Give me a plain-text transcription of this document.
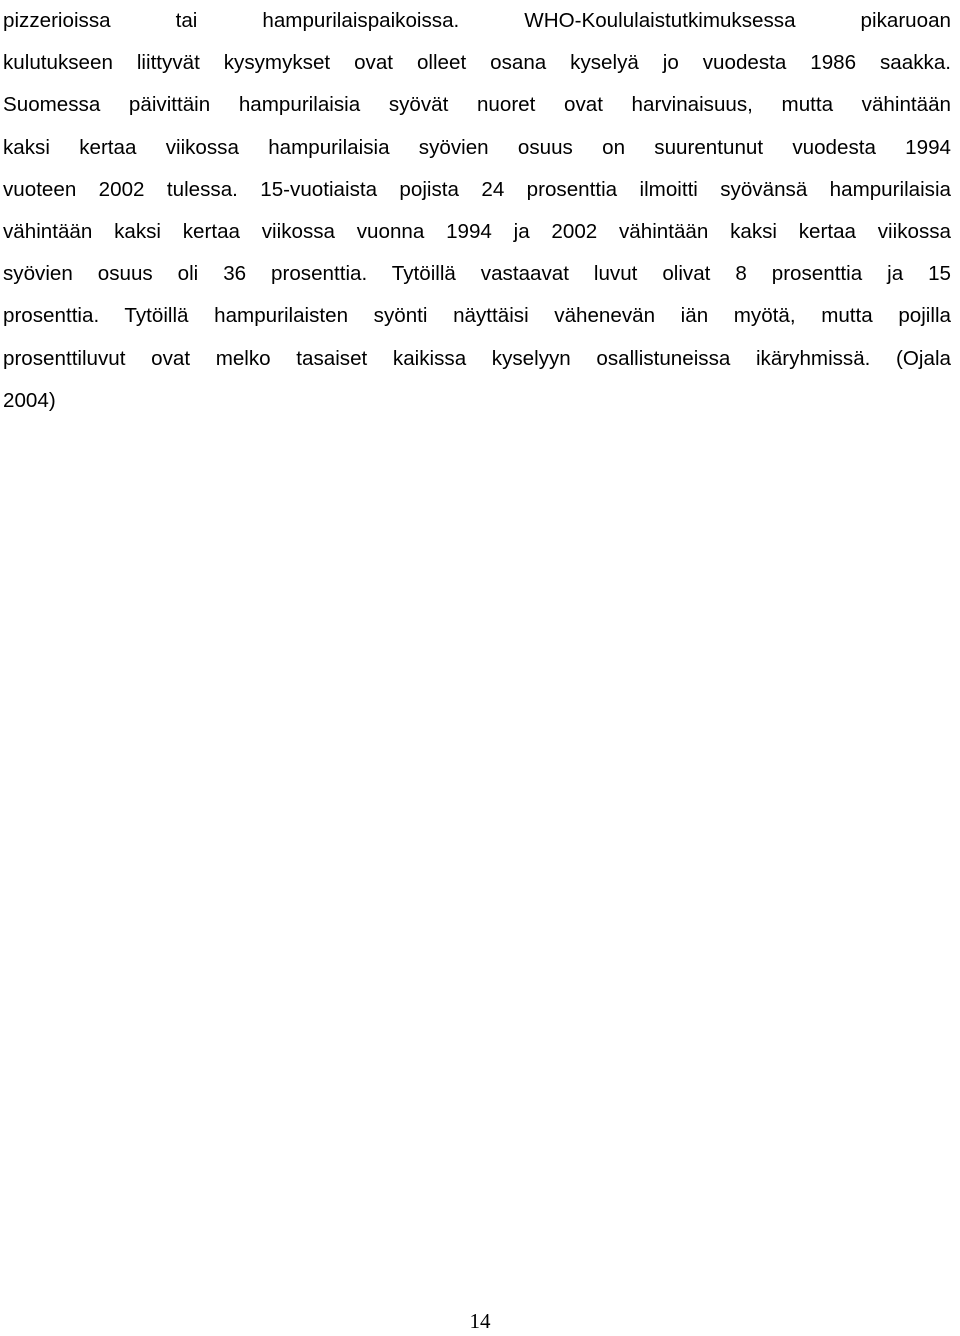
pizzerioissa tai hampurilaispaikoissa. WHO-Koululaistutkimuksessa pikaruoan
kulutukseen liittyvät kysymykset ovat olleet osana kyselyä jo vuodesta 1986 saakka.
Suomessa päivittäin hampurilaisia syövät nuoret ovat harvinaisuus, mutta vähintään
kaksi kertaa viikossa hampurilaisia syövien osuus on suurentunut vuodesta 1994
vuoteen 2002 tulessa. 15-vuotiaista pojista 24 prosenttia ilmoitti syövänsä hampurilaisia
vähintään kaksi kertaa viikossa vuonna 1994 ja 2002 vähintään kaksi kertaa viikossa
syövien osuus oli 36 prosenttia. Tytöillä vastaavat luvut olivat 8 prosenttia ja 15
prosenttia. Tytöillä hampurilaisten syönti näyttäisi vähenevän iän myötä, mutta pojilla
prosenttiluvut ovat melko tasaiset kaikissa kyselyyn osallistuneissa ikäryhmissä. (Ojala
2004)

14
